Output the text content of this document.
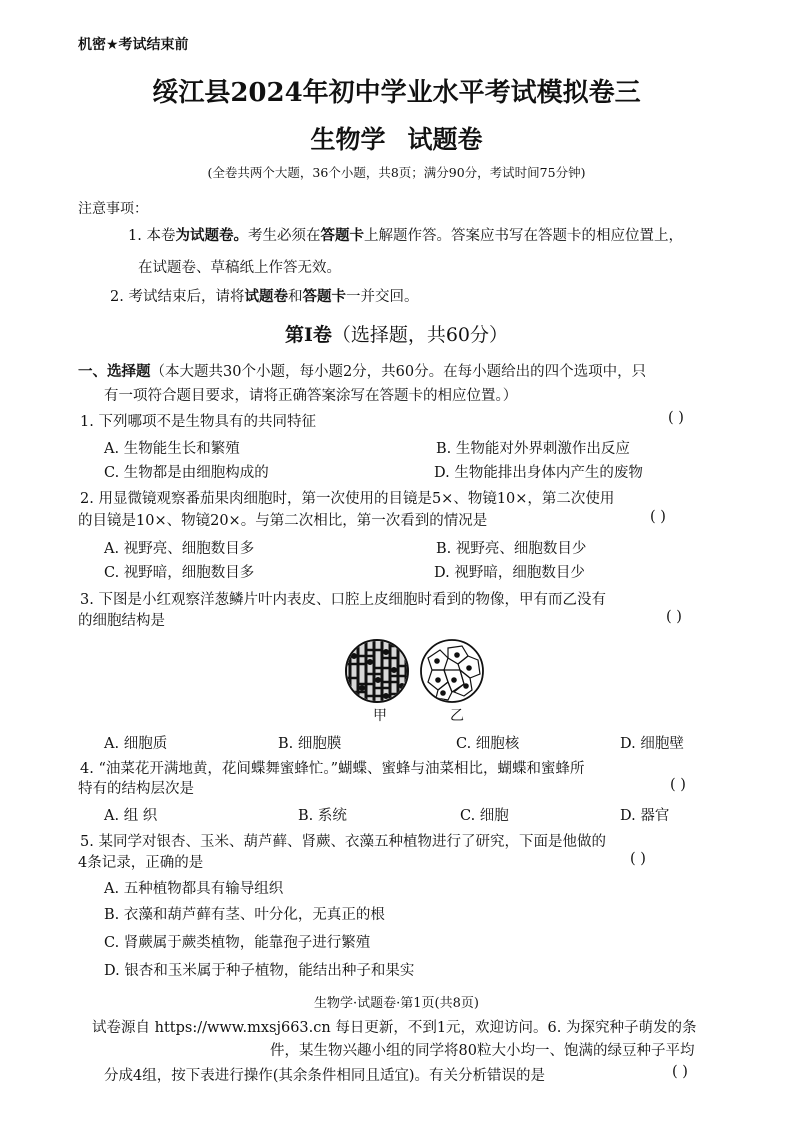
机密★考试结束前
绥江县2024年初中学业水平考试模拟卷三
生物学 试题卷
(全卷共两个大题，36个小题，共8页；满分90分，考试时间75分钟)
注意事项：
1. 本卷为试题卷。考生必须在答题卡上解题作答。答案应书写在答题卡的相应位置上，
在试题卷、草稿纸上作答无效。
2. 考试结束后，请将试题卷和答题卡一并交回。
第Ⅰ卷（选择题，共60分）
一、选择题（本大题共30个小题，每小题2分，共60分。在每小题给出的四个选项中，只
有一项符合题目要求，请将正确答案涂写在答题卡的相应位置。）
1. 下列哪项不是生物具有的共同特征	( )
A. 生物能生长和繁殖	B. 生物能对外界刺激作出反应
C. 生物都是由细胞构成的	D. 生物能排出身体内产生的废物
2. 用显微镜观察番茄果肉细胞时，第一次使用的目镜是5×、物镜10×，第二次使用
的目镜是10×、物镜20×。与第二次相比，第一次看到的情况是	( )
A. 视野亮、细胞数目多	B. 视野亮、细胞数目少
C. 视野暗，细胞数目多	D. 视野暗，细胞数目少
3. 下图是小红观察洋葱鳞片叶内表皮、口腔上皮细胞时看到的物像，甲有而乙没有
的细胞结构是	( )
甲	乙
A. 细胞质	B. 细胞膜	C. 细胞核	D. 细胞壁
4. “油菜花开满地黄，花间蝶舞蜜蜂忙。”蝴蝶、蜜蜂与油菜相比，蝴蝶和蜜蜂所
特有的结构层次是	( )
A. 组 织	B. 系统	C. 细胞	D. 器官
5. 某同学对银杏、玉米、葫芦藓、肾蕨、衣藻五种植物进行了研究，下面是他做的
4条记录，正确的是	( )
A. 五种植物都具有输导组织
B. 衣藻和葫芦藓有茎、叶分化，无真正的根
C. 肾蕨属于蕨类植物，能靠孢子进行繁殖
D. 银杏和玉米属于种子植物，能结出种子和果实
生物学·试题卷·第1页(共8页)
试卷源自 https://www.mxsj663.cn 每日更新，不到1元，欢迎访问。6. 为探究种子萌发的条
件，某生物兴趣小组的同学将80粒大小均一、饱满的绿豆种子平均
分成4组，按下表进行操作(其余条件相同且适宜)。有关分析错误的是	( )
